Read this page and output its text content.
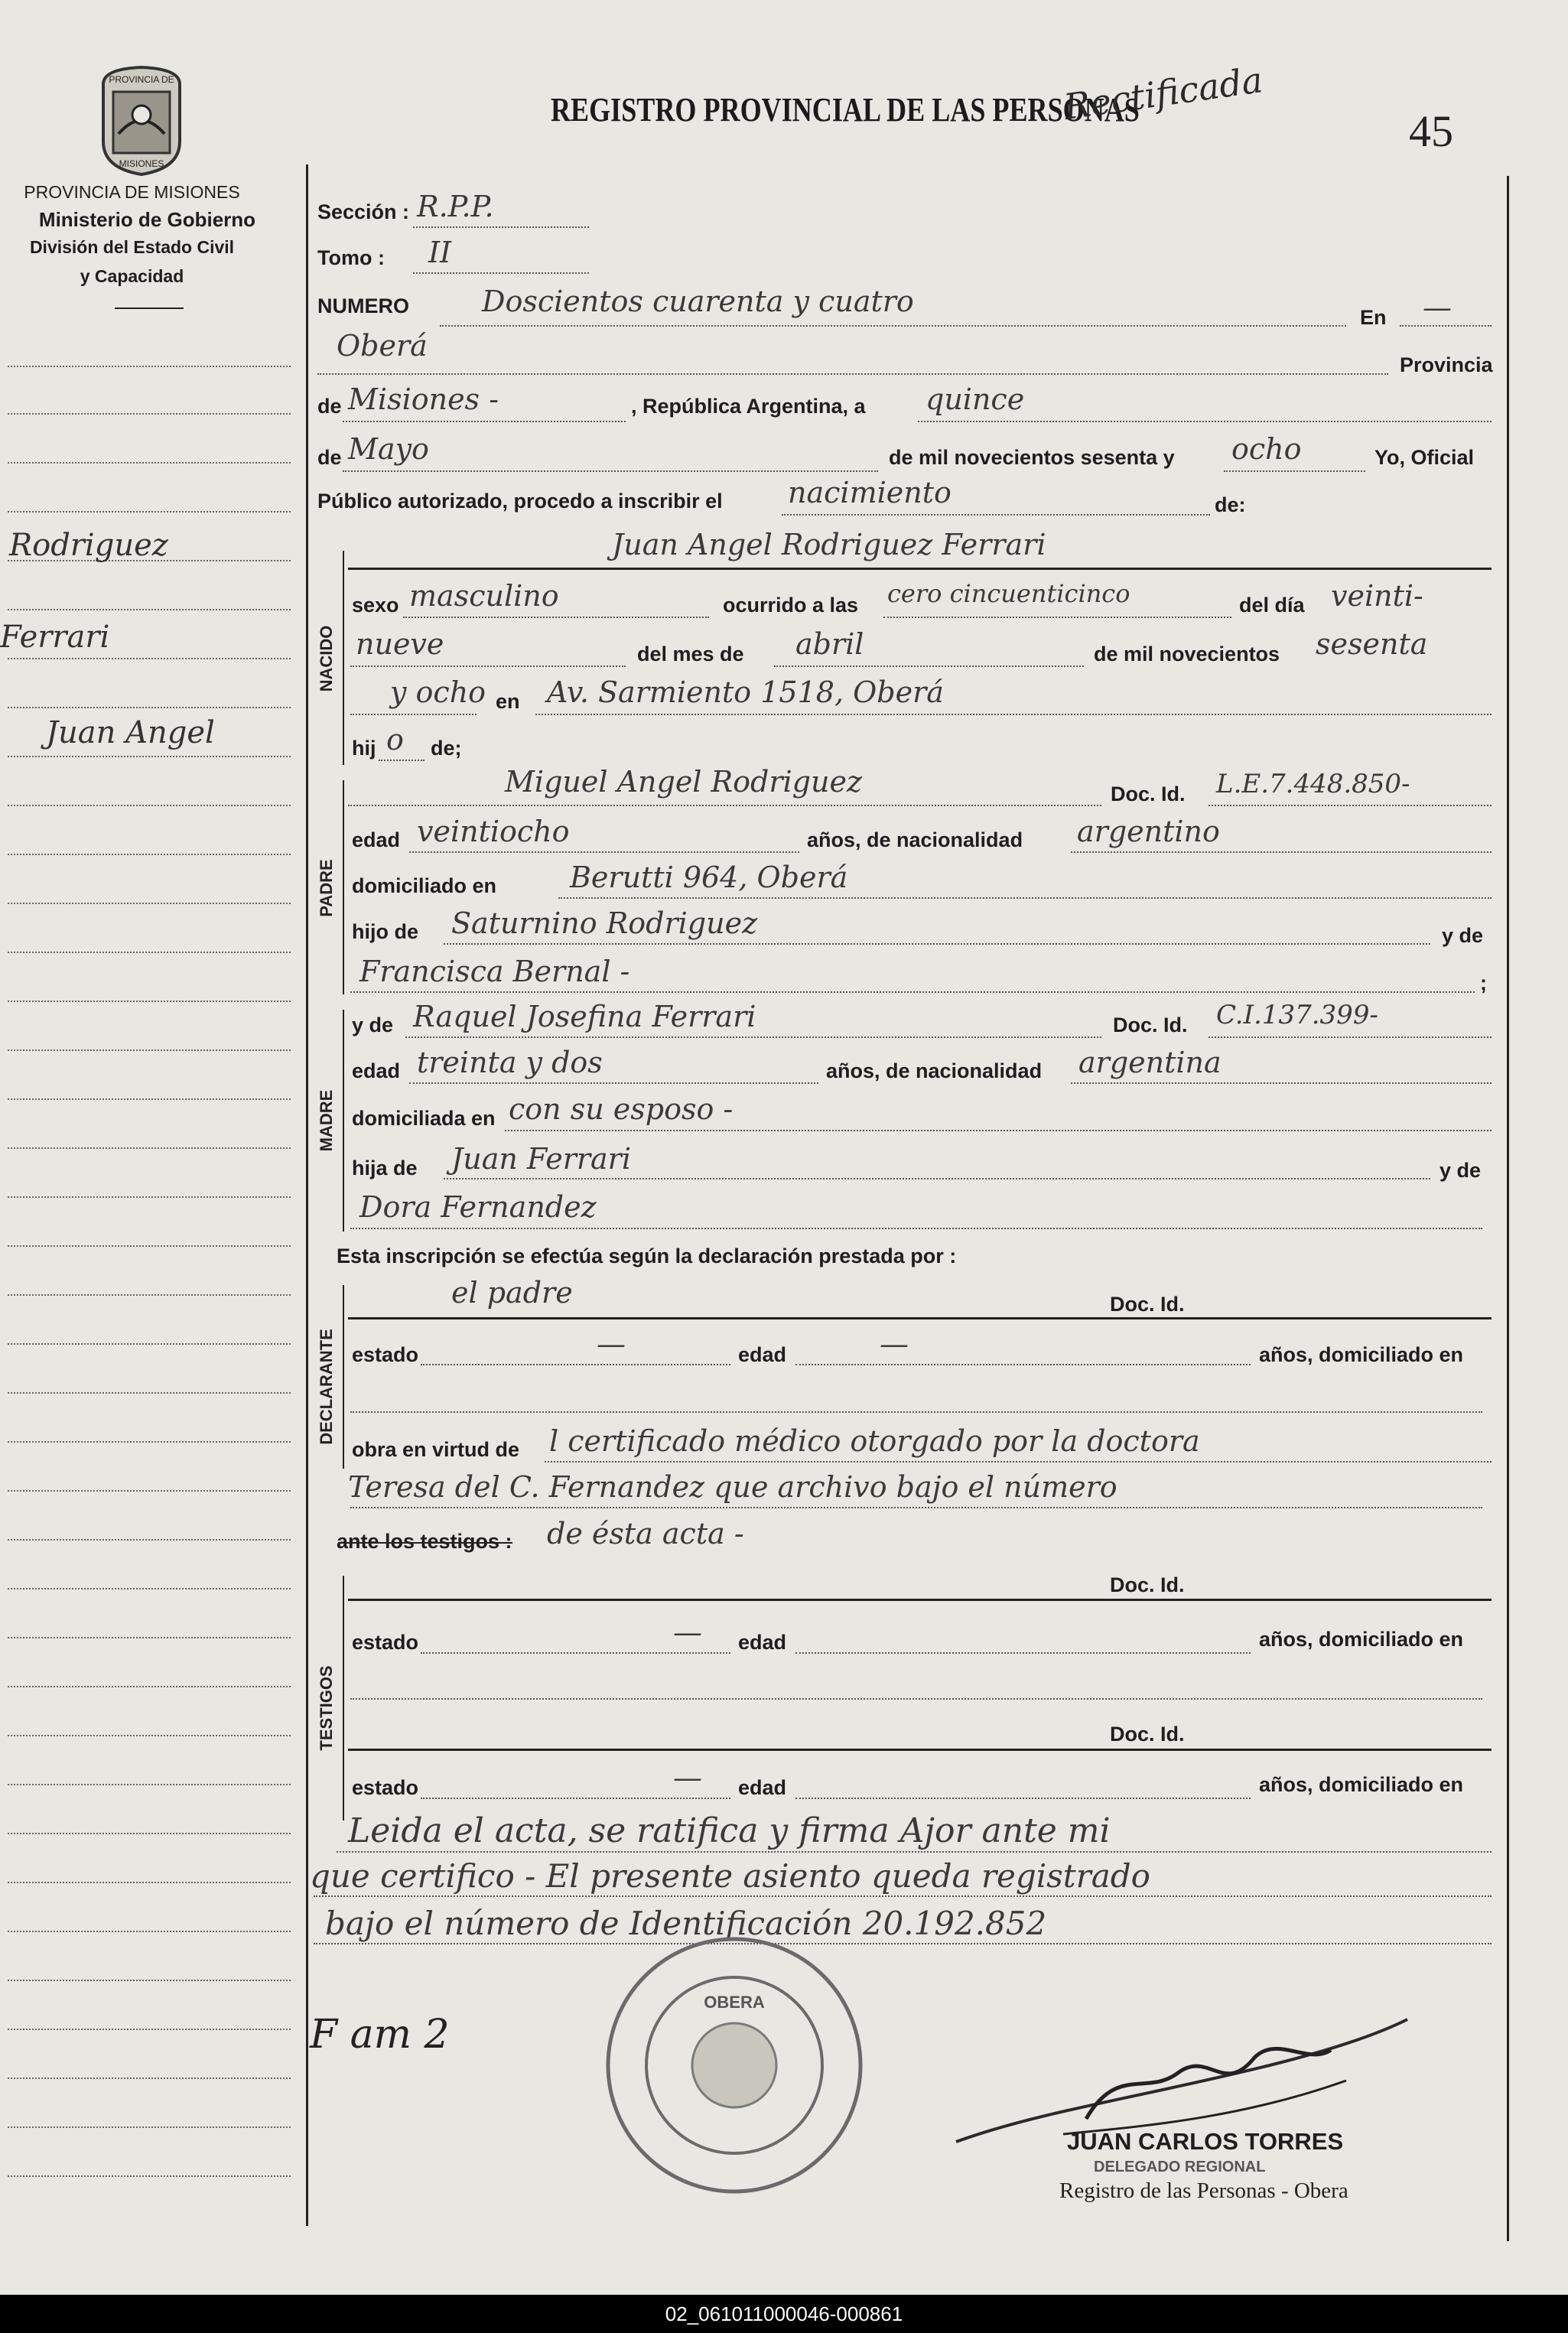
PROVINCIA DE
MISIONES
PROVINCIA DE MISIONES
Ministerio de Gobierno
División del Estado Civil
y Capacidad
REGISTRO PROVINCIAL DE LAS PERSONAS
Rectificada
45
Rodriguez
Ferrari
Juan Angel
Sección : R.P.P.
Tomo : II
NUMERO	Doscientos cuarenta y cuatro	En —
Oberá
Provincia
de Misiones -	, República Argentina, a quince
de Mayo	de mil novecientos sesenta y ocho	Yo, Oficial
Público autorizado, procedo a inscribir el nacimiento	de:
NACIDO
Juan Angel Rodriguez Ferrari
sexo masculino	ocurrido a las cero cincuenticinco	del día veinti-
nueve	del mes de abril	de mil novecientos sesenta
y ocho en Av. Sarmiento 1518, Oberá
hij o de;
PADRE
Miguel Angel Rodriguez	Doc. Id. L.E.7.448.850-
edad veintiocho	años, de nacionalidad argentino
domiciliado en	Berutti 964, Oberá
hijo de Saturnino Rodriguez	y de
Francisca Bernal -	;
MADRE
y de Raquel Josefina Ferrari	Doc. Id. C.I.137.399-
edad treinta y dos	años, de nacionalidad argentina
domiciliada en con su esposo -
hija de Juan Ferrari	y de
Dora Fernandez
Esta inscripción se efectúa según la declaración prestada por :
DECLARANTE
el padre	Doc. Id.
estado	—	edad	—	años, domiciliado en
obra en virtud de l certificado médico otorgado por la doctora
Teresa del C. Fernandez que archivo bajo el número
ante los testigos : de ésta acta -
TESTIGOS
Doc. Id.
estado	— edad	años, domiciliado en
Doc. Id.
estado	— edad	años, domiciliado en
Leida el acta, se ratifica y firma Ajor ante mi
que certifico - El presente asiento queda registrado
bajo el número de Identificación 20.192.852
OBERA
F am 2
JUAN CARLOS TORRES
DELEGADO REGIONAL
Registro de las Personas - Obera
02_061011000046-000861
